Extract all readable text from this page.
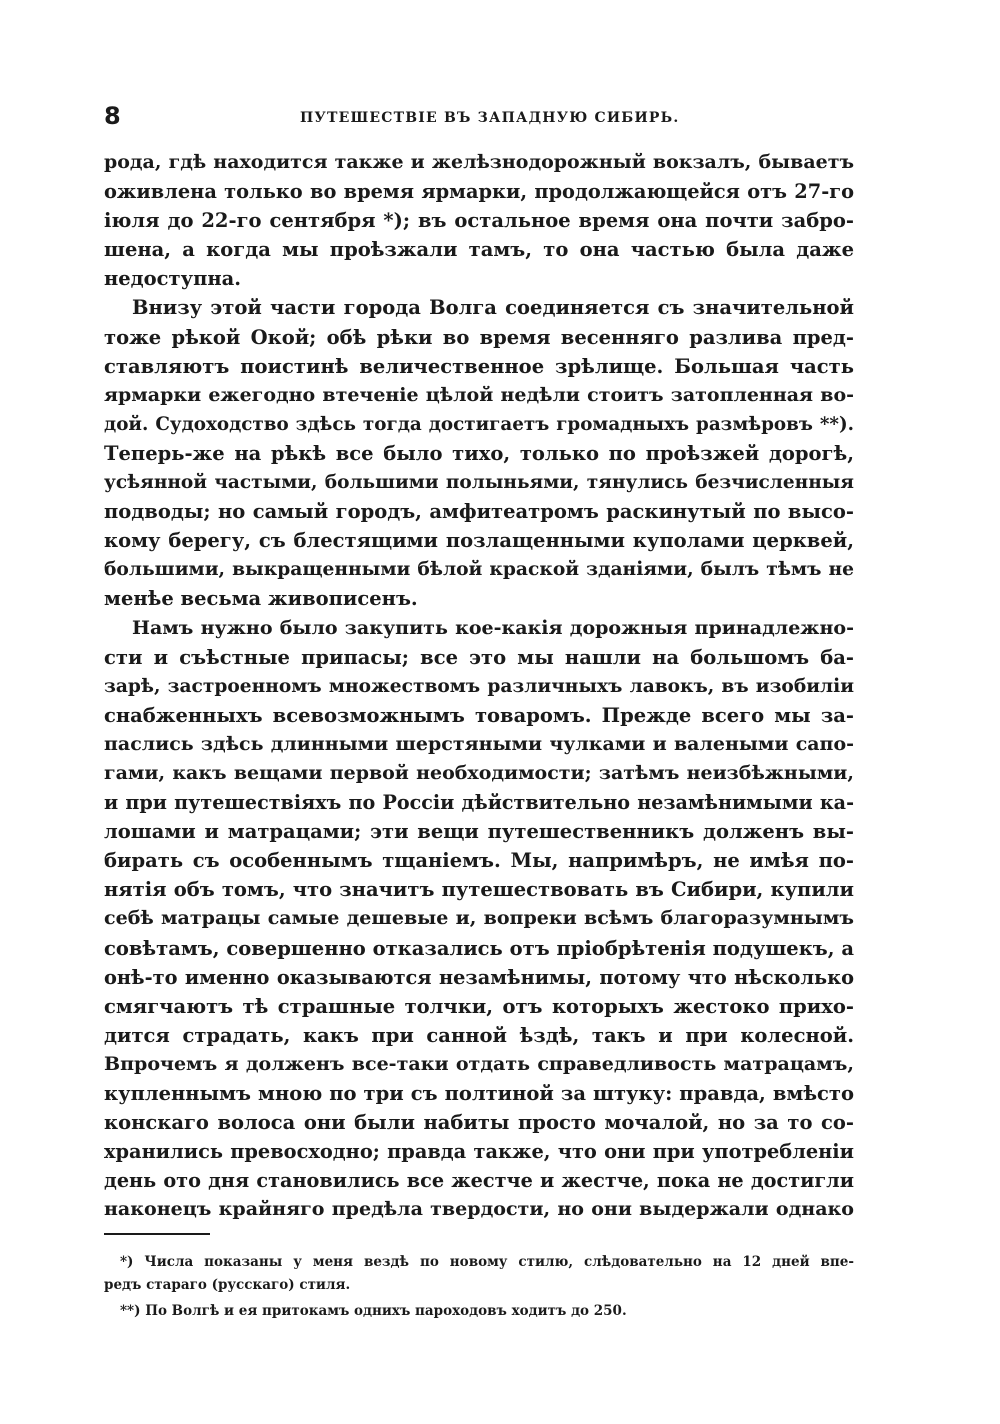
8	ПУТЕШЕСТВІЕ ВЪ ЗАПАДНУЮ СИБИРЬ.
рода, гдѣ находится также и желѣзнодорожный вокзалъ, бываетъ
оживлена только во время ярмарки, продолжающейся отъ 27-го
іюля до 22-го сентября *); въ остальное время она почти забро-
шена, а когда мы проѣзжали тамъ, то она частью была даже
недоступна.
Внизу этой части города Волга соединяется съ значительной
тоже рѣкой Окой; обѣ рѣки во время весенняго разлива пред-
ставляютъ поистинѣ величественное зрѣлище. Большая часть
ярмарки ежегодно втеченіе цѣлой недѣли стоитъ затопленная во-
дой. Судоходство здѣсь тогда достигаетъ громадныхъ размѣровъ **).
Теперь-же на рѣкѣ все было тихо, только по проѣзжей дорогѣ,
усѣянной частыми, большими полыньями, тянулись безчисленныя
подводы; но самый городъ, амфитеатромъ раскинутый по высо-
кому берегу, съ блестящими позлащенными куполами церквей,
большими, выкращенными бѣлой краской зданіями, былъ тѣмъ не
менѣе весьма живописенъ.
Намъ нужно было закупить кое-какія дорожныя принадлежно-
сти и съѣстные припасы; все это мы нашли на большомъ ба-
зарѣ, застроенномъ множествомъ различныхъ лавокъ, въ изобиліи
снабженныхъ всевозможнымъ товаромъ. Прежде всего мы за-
паслись здѣсь длинными шерстяными чулками и валеными сапо-
гами, какъ вещами первой необходимости; затѣмъ неизбѣжными,
и при путешествіяхъ по Россіи дѣйствительно незамѣнимыми ка-
лошами и матрацами; эти вещи путешественникъ долженъ вы-
бирать съ особеннымъ тщаніемъ. Мы, напримѣръ, не имѣя по-
нятія объ томъ, что значитъ путешествовать въ Сибири, купили
себѣ матрацы самые дешевые и, вопреки всѣмъ благоразумнымъ
совѣтамъ, совершенно отказались отъ пріобрѣтенія подушекъ, а
онѣ-то именно оказываются незамѣнимы, потому что нѣсколько
смягчаютъ тѣ страшные толчки, отъ которыхъ жестоко прихо-
дится страдать, какъ при санной ѣздѣ, такъ и при колесной.
Впрочемъ я долженъ все-таки отдать справедливость матрацамъ,
купленнымъ мною по три съ полтиной за штуку: правда, вмѣсто
конскаго волоса они были набиты просто мочалой, но за то со-
хранились превосходно; правда также, что они при употребленіи
день ото дня становились все жестче и жестче, пока не достигли
наконецъ крайняго предѣла твердости, но они выдержали однако
*) Числа показаны у меня вездѣ по новому стилю, слѣдовательно на 12 дней впе-
редъ стараго (русскаго) стиля.
**) По Волгѣ и ея притокамъ однихъ пароходовъ ходитъ до 250.
